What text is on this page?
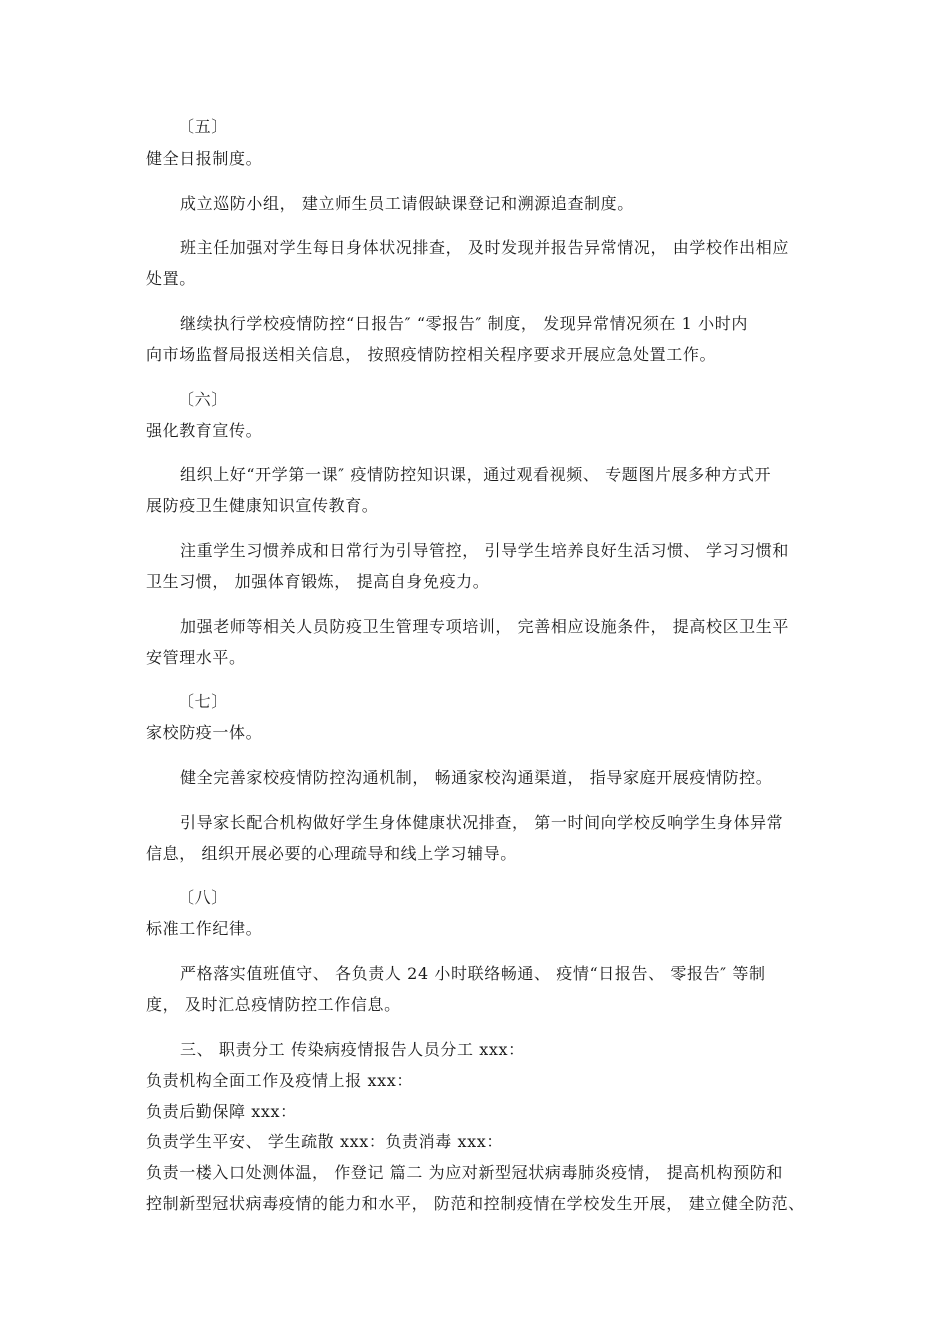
〔五〕
健全日报制度。
成立巡防小组， 建立师生员工请假缺课登记和溯源追查制度。
班主任加强对学生每日身体状况排查， 及时发现并报告异常情况， 由学校作出相应
处置。
继续执行学校疫情防控“日报告″ “零报告″ 制度， 发现异常情况须在 1 小时内
向市场监督局报送相关信息， 按照疫情防控相关程序要求开展应急处置工作。
〔六〕
强化教育宣传。
组织上好“开学第一课″ 疫情防控知识课，通过观看视频、 专题图片展多种方式开
展防疫卫生健康知识宣传教育。
注重学生习惯养成和日常行为引导管控， 引导学生培养良好生活习惯、 学习习惯和
卫生习惯， 加强体育锻炼， 提高自身免疫力。
加强老师等相关人员防疫卫生管理专项培训， 完善相应设施条件， 提高校区卫生平
安管理水平。
〔七〕
家校防疫一体。
健全完善家校疫情防控沟通机制， 畅通家校沟通渠道， 指导家庭开展疫情防控。
引导家长配合机构做好学生身体健康状况排查， 第一时间向学校反响学生身体异常
信息， 组织开展必要的心理疏导和线上学习辅导。
〔八〕
标准工作纪律。
严格落实值班值守、 各负责人 24 小时联络畅通、 疫情“日报告、 零报告″ 等制
度， 及时汇总疫情防控工作信息。
三、 职责分工 传染病疫情报告人员分工 xxx：
负责机构全面工作及疫情上报 xxx：
负责后勤保障 xxx：
负责学生平安、 学生疏散 xxx：负责消毒 xxx：
负责一楼入口处测体温， 作登记 篇二 为应对新型冠状病毒肺炎疫情， 提高机构预防和
控制新型冠状病毒疫情的能力和水平， 防范和控制疫情在学校发生开展， 建立健全防范、
